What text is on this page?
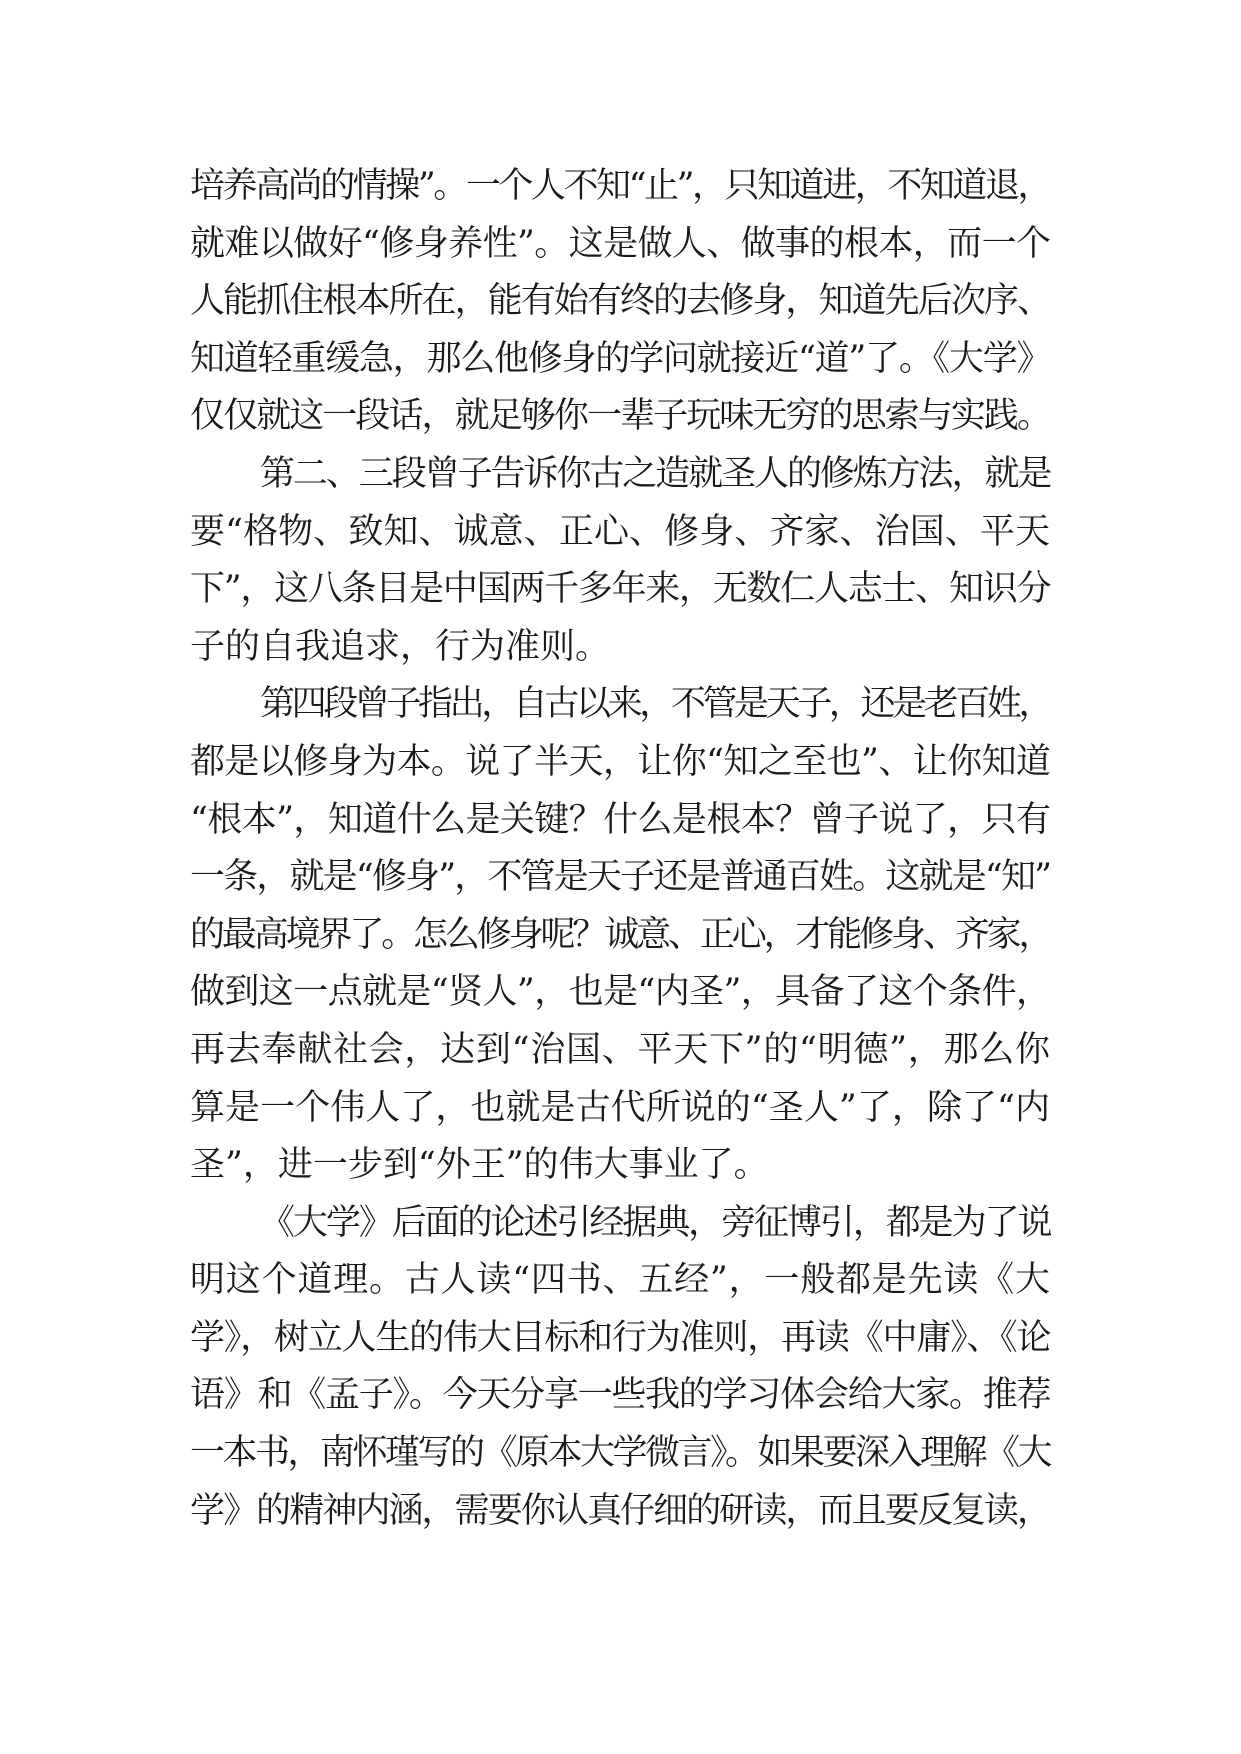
培养高尚的情操”。一个人不知“止”，只知道进，不知道退，
就难以做好“修身养性”。这是做人、做事的根本，而一个
人能抓住根本所在，能有始有终的去修身，知道先后次序、
知道轻重缓急，那么他修身的学问就接近“道”了。《大学》
仅仅就这一段话，就足够你一辈子玩味无穷的思索与实践。
第二、三段曾子告诉你古之造就圣人的修炼方法，就是
要“格物、致知、诚意、正心、修身、齐家、治国、平天
下”，这八条目是中国两千多年来，无数仁人志士、知识分
子的自我追求，行为准则。
第四段曾子指出，自古以来，不管是天子，还是老百姓，
都是以修身为本。说了半天，让你“知之至也”、让你知道
“根本”，知道什么是关键？什么是根本？曾子说了，只有
一条，就是“修身”，不管是天子还是普通百姓。这就是“知”
的最高境界了。怎么修身呢？诚意、正心，才能修身、齐家，
做到这一点就是“贤人”，也是“内圣”，具备了这个条件，
再去奉献社会，达到“治国、平天下”的“明德”，那么你
算是一个伟人了，也就是古代所说的“圣人”了，除了“内
圣”，进一步到“外王”的伟大事业了。
《大学》后面的论述引经据典，旁征博引，都是为了说
明这个道理。古人读“四书、五经”，一般都是先读《大
学》，树立人生的伟大目标和行为准则，再读《中庸》、《论
语》和《孟子》。今天分享一些我的学习体会给大家。推荐
一本书，南怀瑾写的《原本大学微言》。如果要深入理解《大
学》的精神内涵，需要你认真仔细的研读，而且要反复读，
